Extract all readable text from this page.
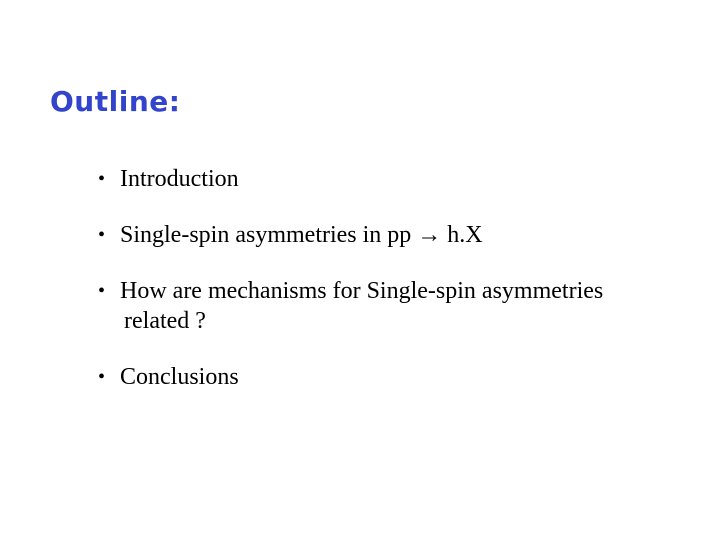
Outline:
• Introduction
• Single-spin asymmetries in pp → h.X
• How are mechanisms for Single-spin asymmetries
related ?
• Conclusions
